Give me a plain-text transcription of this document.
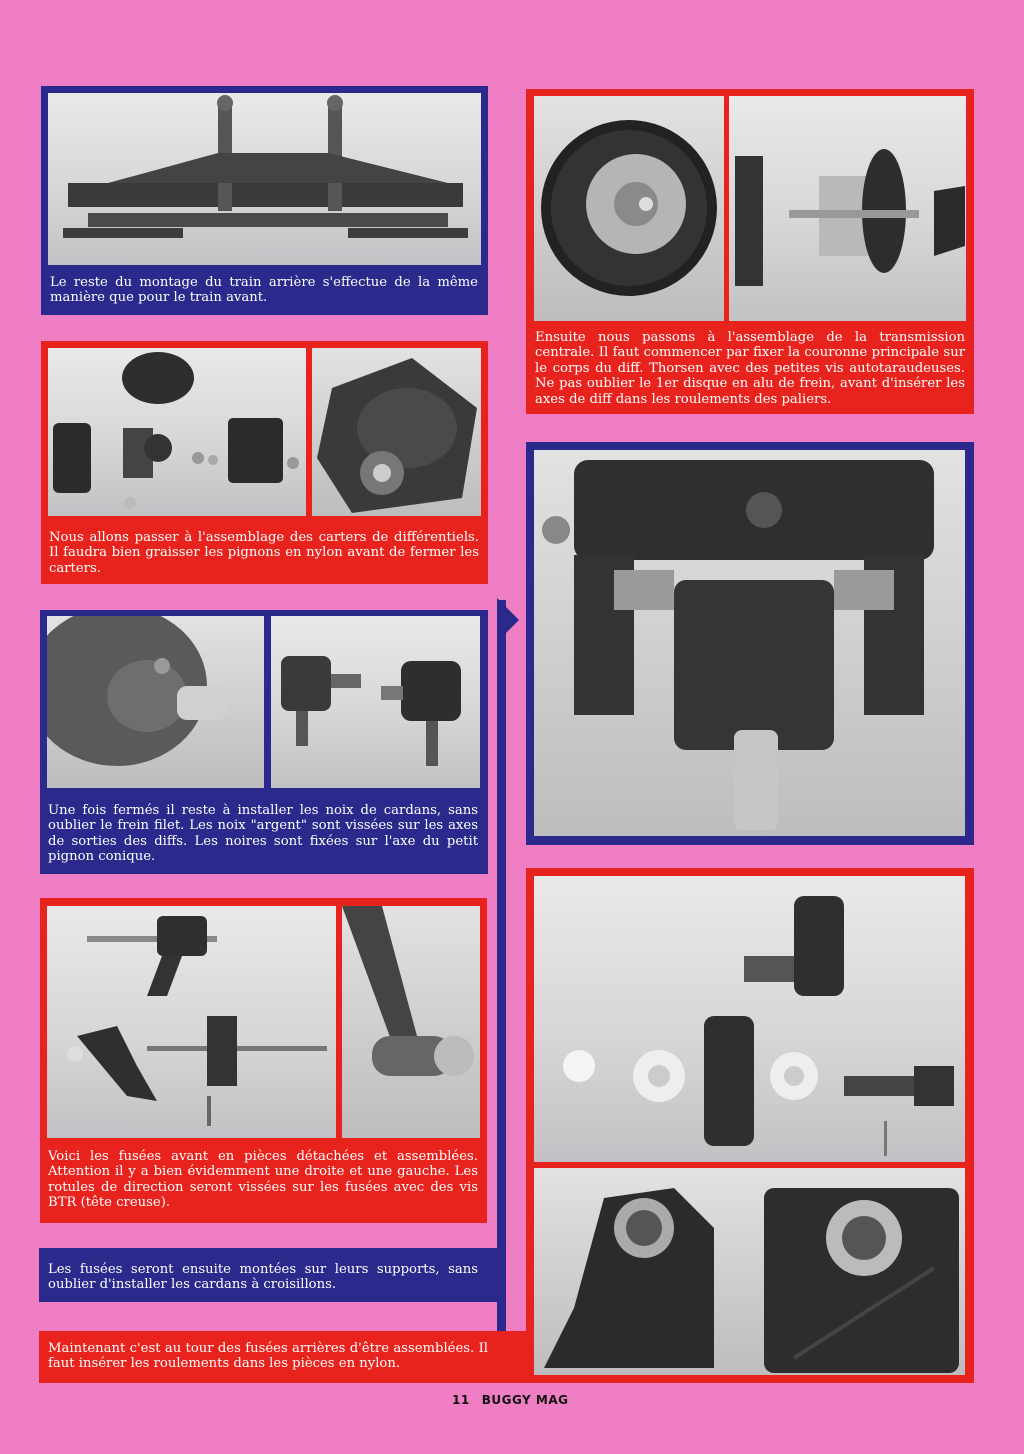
Le reste du montage du train arrière s'effectue de la même manière que pour le train avant.

Ensuite nous passons à l'assemblage de la transmission centrale. Il faut commencer par fixer la couronne principale sur le corps du diff. Thorsen avec des petites vis autotaraudeuses. Ne pas oublier le 1er disque en alu de frein, avant d'insérer les axes de diff dans les roulements des paliers.

Nous allons passer à l'assemblage des carters de différentiels. Il faudra bien graisser les pignons en nylon avant de fermer les carters.

Une fois fermés il reste à installer les noix de cardans, sans oublier le frein filet. Les noix "argent" sont vissées sur les axes de sorties des diffs. Les noires sont fixées sur l'axe du petit pignon conique.

Voici les fusées avant en pièces détachées et assemblées. Attention il y a bien évidemment une droite et une gauche. Les rotules de direction seront vissées sur les fusées avec des vis BTR (tête creuse).

Les fusées seront ensuite montées sur leurs supports, sans oublier d'installer les cardans à croisillons.

Maintenant c'est au tour des fusées arrières d'être assemblées. Il faut insérer les roulements dans les pièces en nylon.

11 BUGGY MAG
